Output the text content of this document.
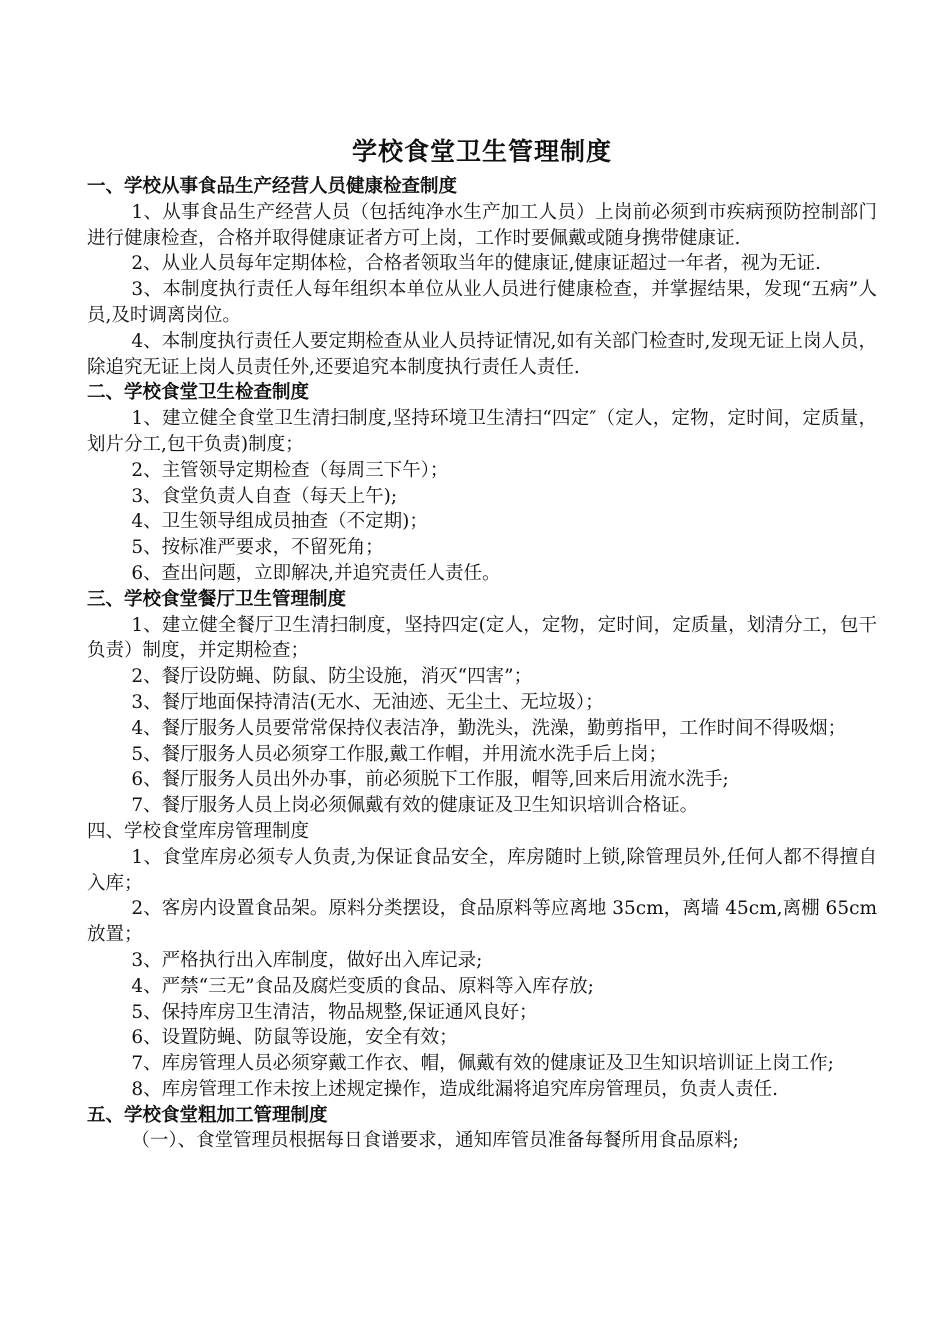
学校食堂卫生管理制度
一、学校从事食品生产经营人员健康检查制度

1、从事食品生产经营人员（包括纯净水生产加工人员）上岗前必须到市疾病预防控制部门进行健康检查，合格并取得健康证者方可上岗，工作时要佩戴或随身携带健康证.

2、从业人员每年定期体检，合格者领取当年的健康证,健康证超过一年者，视为无证.

3、本制度执行责任人每年组织本单位从业人员进行健康检查，并掌握结果，发现“五病”人员,及时调离岗位。

4、本制度执行责任人要定期检查从业人员持证情况,如有关部门检查时,发现无证上岗人员，除追究无证上岗人员责任外,还要追究本制度执行责任人责任.

二、学校食堂卫生检查制度

1、建立健全食堂卫生清扫制度,坚持环境卫生清扫“四定″（定人，定物，定时间，定质量，划片分工,包干负责)制度；

2、主管领导定期检查（每周三下午）；

3、食堂负责人自查（每天上午);

4、卫生领导组成员抽查（不定期)；

5、按标准严要求，不留死角；

6、查出问题，立即解决,并追究责任人责任。

三、学校食堂餐厅卫生管理制度

1、建立健全餐厅卫生清扫制度，坚持四定(定人，定物，定时间，定质量，划清分工，包干负责）制度，并定期检查；

2、餐厅设防蝇、防鼠、防尘设施，消灭“四害”；

3、餐厅地面保持清洁(无水、无油迹、无尘土、无垃圾）；

4、餐厅服务人员要常常保持仪表洁净，勤洗头，洗澡，勤剪指甲，工作时间不得吸烟；

5、餐厅服务人员必须穿工作服,戴工作帽，并用流水洗手后上岗；

6、餐厅服务人员出外办事，前必须脱下工作服，帽等,回来后用流水洗手;

7、餐厅服务人员上岗必须佩戴有效的健康证及卫生知识培训合格证。

四、学校食堂库房管理制度

1、食堂库房必须专人负责,为保证食品安全，库房随时上锁,除管理员外,任何人都不得擅自入库；

2、客房内设置食品架。原料分类摆设，食品原料等应离地 35cm，离墙 45cm,离棚 65cm放置；

3、严格执行出入库制度，做好出入库记录;

4、严禁“三无”食品及腐烂变质的食品、原料等入库存放;

5、保持库房卫生清洁，物品规整,保证通风良好；

6、设置防蝇、防鼠等设施，安全有效；

7、库房管理人员必须穿戴工作衣、帽，佩戴有效的健康证及卫生知识培训证上岗工作;

8、库房管理工作未按上述规定操作，造成纰漏将追究库房管理员，负责人责任.

五、学校食堂粗加工管理制度

（一）、食堂管理员根据每日食谱要求，通知库管员准备每餐所用食品原料;
